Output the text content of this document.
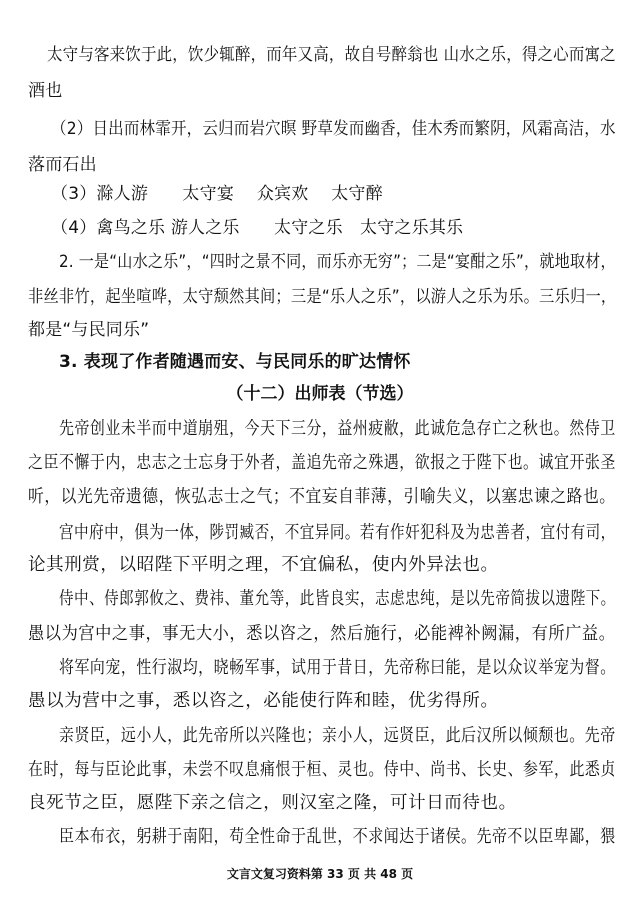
太守与客来饮于此，饮少辄醉，而年又高，故自号醉翁也 山水之乐，得之心而寓之
酒也
（2）日出而林霏开，云归而岩穴暝 野草发而幽香，佳木秀而繁阴，风霜高洁，水
落而石出
（3）滁人游　　太守宴　 众宾欢　 太守醉
（4）禽鸟之乐 游人之乐　　太守之乐　太守之乐其乐
2. 一是“山水之乐”，“四时之景不同，而乐亦无穷”；二是“宴酣之乐”，就地取材，
非丝非竹，起坐喧哗，太守颓然其间；三是“乐人之乐”，以游人之乐为乐。三乐归一，
都是“与民同乐”
3. 表现了作者随遇而安、与民同乐的旷达情怀
（十二）出师表（节选）
先帝创业未半而中道崩殂，今天下三分，益州疲敝，此诚危急存亡之秋也。然侍卫
之臣不懈于内，忠志之士忘身于外者，盖追先帝之殊遇，欲报之于陛下也。诚宜开张圣
听，以光先帝遗德，恢弘志士之气；不宜妄自菲薄，引喻失义，以塞忠谏之路也。
宫中府中，俱为一体，陟罚臧否，不宜异同。若有作奸犯科及为忠善者，宜付有司，
论其刑赏，以昭陛下平明之理，不宜偏私，使内外异法也。
侍中、侍郎郭攸之、费祎、董允等，此皆良实，志虑忠纯，是以先帝简拔以遗陛下。
愚以为宫中之事，事无大小，悉以咨之，然后施行，必能裨补阙漏，有所广益。
将军向宠，性行淑均，晓畅军事，试用于昔日，先帝称曰能，是以众议举宠为督。
愚以为营中之事，悉以咨之，必能使行阵和睦，优劣得所。
亲贤臣，远小人，此先帝所以兴隆也；亲小人，远贤臣，此后汉所以倾颓也。先帝
在时，每与臣论此事，未尝不叹息痛恨于桓、灵也。侍中、尚书、长史、参军，此悉贞
良死节之臣，愿陛下亲之信之，则汉室之隆，可计日而待也。
臣本布衣，躬耕于南阳，苟全性命于乱世，不求闻达于诸侯。先帝不以臣卑鄙，猥
文言文复习资料第 33 页 共 48 页
